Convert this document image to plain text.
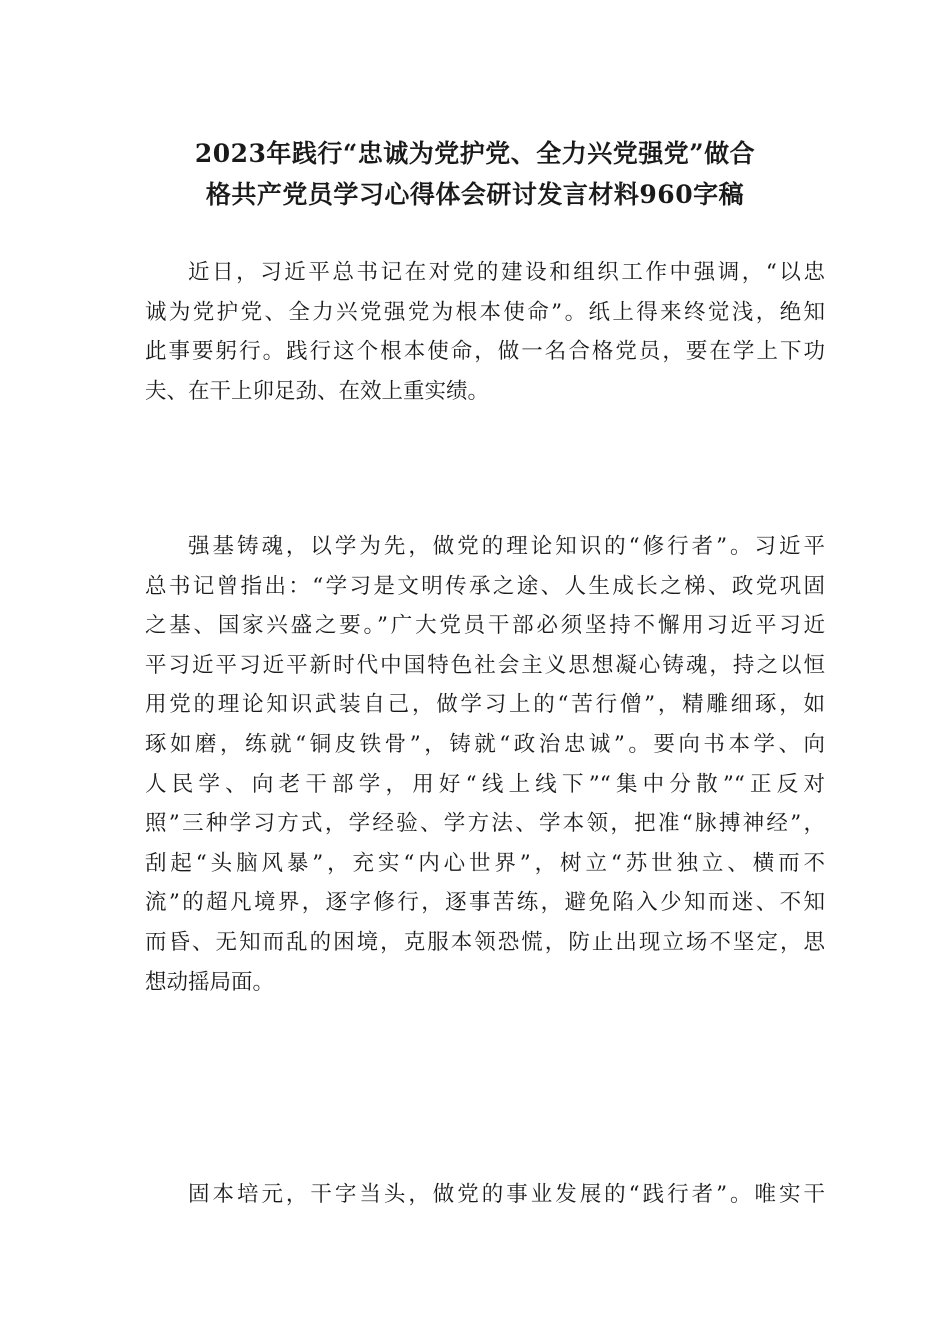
2023年践行“忠诚为党护党、全力兴党强党”做合
格共产党员学习心得体会研讨发言材料960字稿
近日，习近平总书记在对党的建设和组织工作中强调，“以忠
诚为党护党、全力兴党强党为根本使命”。纸上得来终觉浅，绝知
此事要躬行。践行这个根本使命，做一名合格党员，要在学上下功
夫、在干上卯足劲、在效上重实绩。
强基铸魂，以学为先，做党的理论知识的“修行者”。习近平
总书记曾指出：“学习是文明传承之途、人生成长之梯、政党巩固
之基、国家兴盛之要。”广大党员干部必须坚持不懈用习近平习近
平习近平习近平新时代中国特色社会主义思想凝心铸魂，持之以恒
用党的理论知识武装自己，做学习上的“苦行僧”，精雕细琢，如
琢如磨，练就“铜皮铁骨”，铸就“政治忠诚”。要向书本学、向
人民学、向老干部学，用好“线上线下”“集中分散”“正反对
照”三种学习方式，学经验、学方法、学本领，把准“脉搏神经”，
刮起“头脑风暴”，充实“内心世界”，树立“苏世独立、横而不
流”的超凡境界，逐字修行，逐事苦练，避免陷入少知而迷、不知
而昏、无知而乱的困境，克服本领恐慌，防止出现立场不坚定，思
想动摇局面。
固本培元，干字当头，做党的事业发展的“践行者”。唯实干
